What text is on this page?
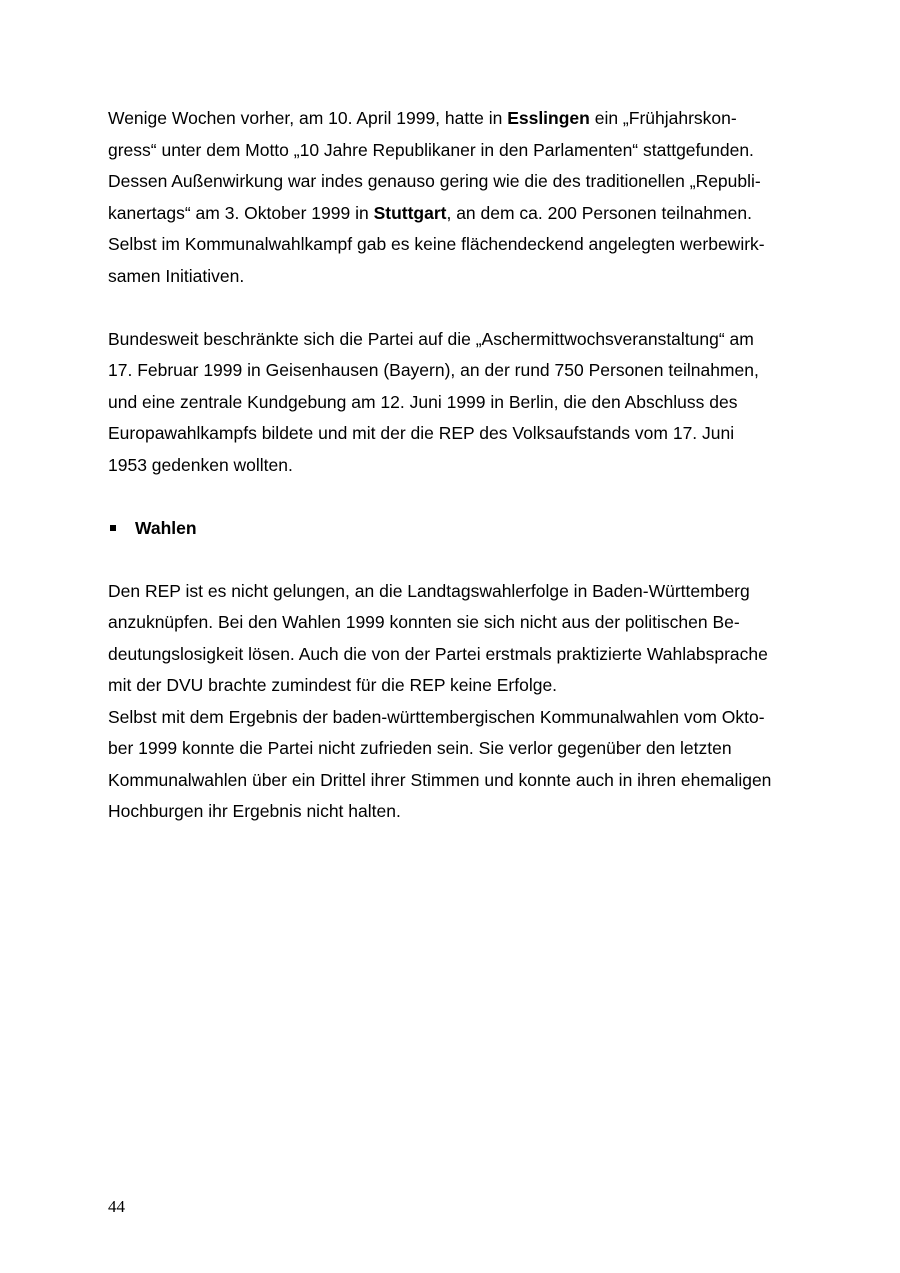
Wenige Wochen vorher, am 10. April 1999, hatte in Esslingen ein „Frühjahrskon-
gress“ unter dem Motto „10 Jahre Republikaner in den Parlamenten“ stattgefunden.
Dessen Außenwirkung war indes genauso gering wie die des traditionellen „Republi-
kanertags“ am 3. Oktober 1999 in Stuttgart, an dem ca. 200 Personen teilnahmen.
Selbst im Kommunalwahlkampf gab es keine flächendeckend angelegten werbewirk-
samen Initiativen.
Bundesweit beschränkte sich die Partei auf die „Aschermittwochsveranstaltung“ am
17. Februar 1999 in Geisenhausen (Bayern), an der rund 750 Personen teilnahmen,
und eine zentrale Kundgebung am 12. Juni 1999 in Berlin, die den Abschluss des
Europawahlkampfs bildete und mit der die REP des Volksaufstands vom 17. Juni
1953 gedenken wollten.
Wahlen
Den REP ist es nicht gelungen, an die Landtagswahlerfolge in Baden-Württemberg
anzuknüpfen. Bei den Wahlen 1999 konnten sie sich nicht aus der politischen Be-
deutungslosigkeit lösen. Auch die von der Partei erstmals praktizierte Wahlabsprache
mit der DVU brachte zumindest für die REP keine Erfolge.
Selbst mit dem Ergebnis der baden-württembergischen Kommunalwahlen vom Okto-
ber 1999 konnte die Partei nicht zufrieden sein. Sie verlor gegenüber den letzten
Kommunalwahlen über ein Drittel ihrer Stimmen und konnte auch in ihren ehemaligen
Hochburgen ihr Ergebnis nicht halten.
44
